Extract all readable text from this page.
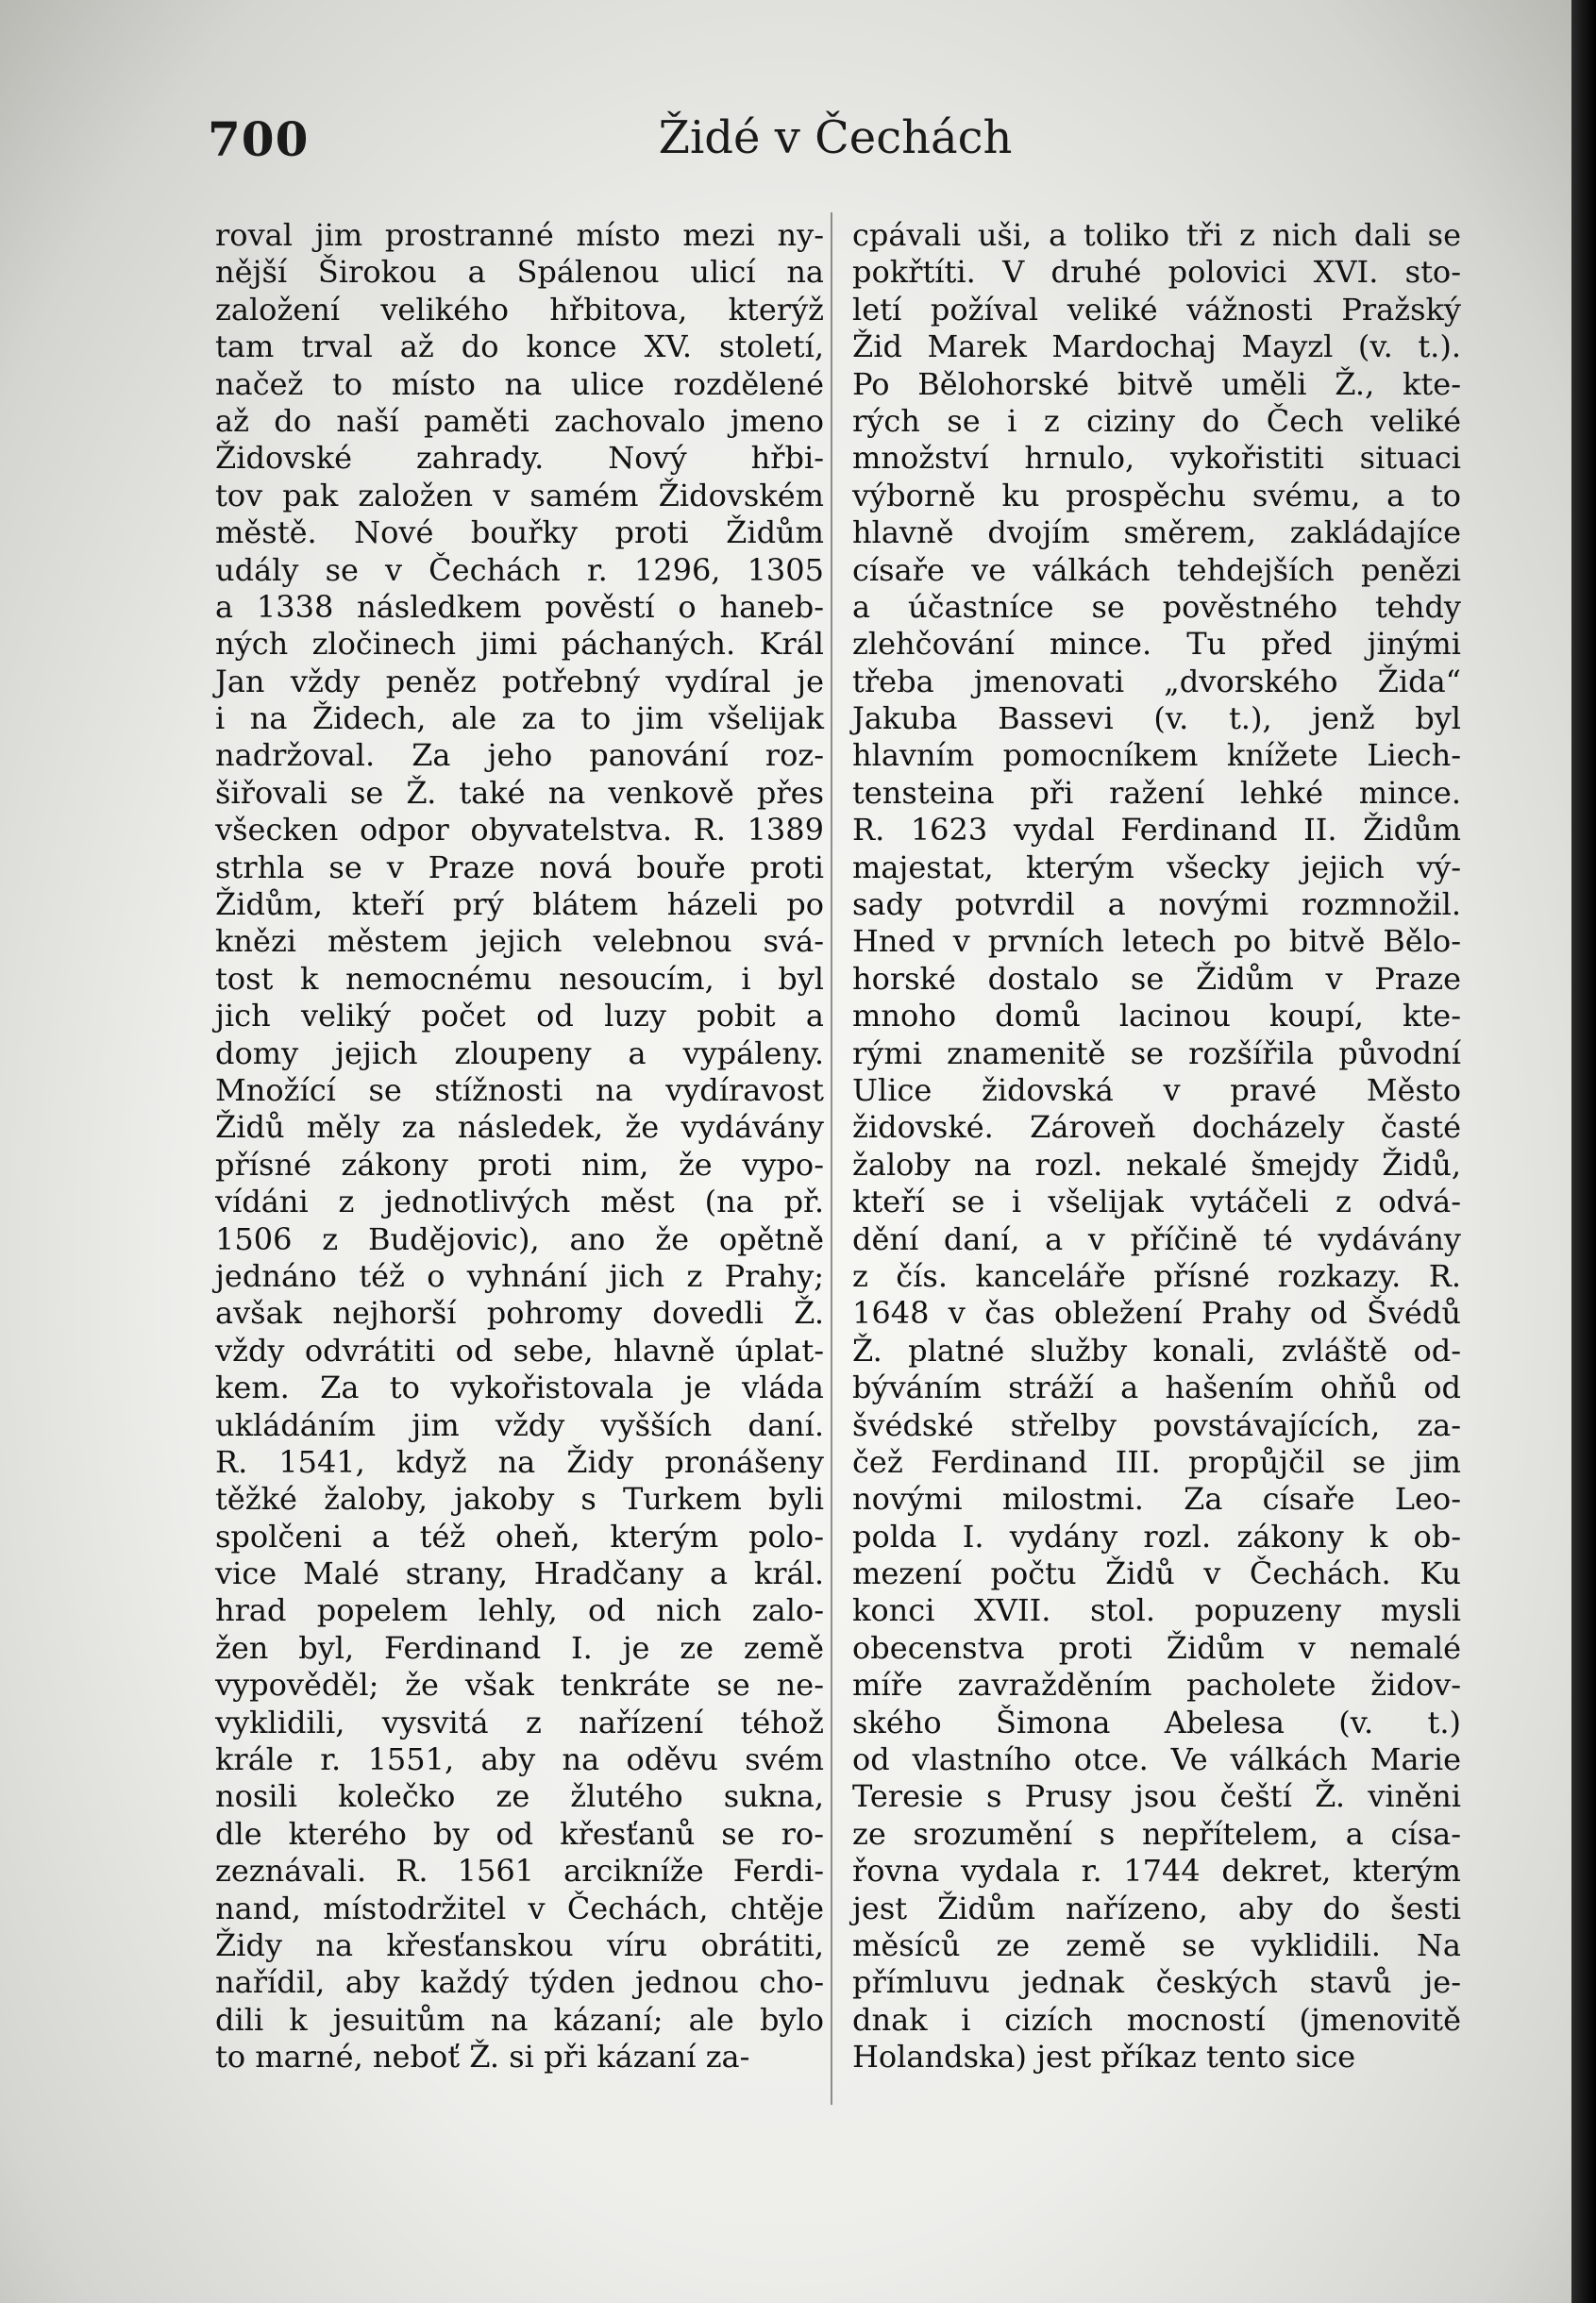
700	Židé v Čechách
roval jim prostranné místo mezi ny-
nější Širokou a Spálenou ulicí na
založení velikého hřbitova, kterýž
tam trval až do konce XV. století,
načež to místo na ulice rozdělené
až do naší paměti zachovalo jmeno
Židovské zahrady. Nový hřbi-
tov pak založen v samém Židovském
městě. Nové bouřky proti Židům
udály se v Čechách r. 1296, 1305
a 1338 následkem pověstí o haneb-
ných zločinech jimi páchaných. Král
Jan vždy peněz potřebný vydíral je
i na Židech, ale za to jim všelijak
nadržoval. Za jeho panování roz-
šiřovali se Ž. také na venkově přes
všecken odpor obyvatelstva. R. 1389
strhla se v Praze nová bouře proti
Židům, kteří prý blátem házeli po
knězi městem jejich velebnou svá-
tost k nemocnému nesoucím, i byl
jich veliký počet od luzy pobit a
domy jejich zloupeny a vypáleny.
Množící se stížnosti na vydíravost
Židů měly za následek, že vydávány
přísné zákony proti nim, že vypo-
vídáni z jednotlivých měst (na př.
1506 z Budějovic), ano že opětně
jednáno též o vyhnání jich z Prahy;
avšak nejhorší pohromy dovedli Ž.
vždy odvrátiti od sebe, hlavně úplat-
kem. Za to vykořistovala je vláda
ukládáním jim vždy vyšších daní.
R. 1541, když na Židy pronášeny
těžké žaloby, jakoby s Turkem byli
spolčeni a též oheň, kterým polo-
vice Malé strany, Hradčany a král.
hrad popelem lehly, od nich zalo-
žen byl, Ferdinand I. je ze země
vypověděl; že však tenkráte se ne-
vyklidili, vysvitá z nařízení téhož
krále r. 1551, aby na oděvu svém
nosili kolečko ze žlutého sukna,
dle kterého by od křesťanů se ro-
zeznávali. R. 1561 arcikníže Ferdi-
nand, místodržitel v Čechách, chtěje
Židy na křesťanskou víru obrátiti,
nařídil, aby každý týden jednou cho-
dili k jesuitům na kázaní; ale bylo
to marné, neboť Ž. si při kázaní za-
cpávali uši, a toliko tři z nich dali se
pokřtíti. V druhé polovici XVI. sto-
letí požíval veliké vážnosti Pražský
Žid Marek Mardochaj Mayzl (v. t.).
Po Bělohorské bitvě uměli Ž., kte-
rých se i z ciziny do Čech veliké
množství hrnulo, vykořistiti situaci
výborně ku prospěchu svému, a to
hlavně dvojím směrem, zakládajíce
císaře ve válkách tehdejších penězi
a účastníce se pověstného tehdy
zlehčování mince. Tu před jinými
třeba jmenovati „dvorského Žida“
Jakuba Bassevi (v. t.), jenž byl
hlavním pomocníkem knížete Liech-
tensteina při ražení lehké mince.
R. 1623 vydal Ferdinand II. Židům
majestat, kterým všecky jejich vý-
sady potvrdil a novými rozmnožil.
Hned v prvních letech po bitvě Bělo-
horské dostalo se Židům v Praze
mnoho domů lacinou koupí, kte-
rými znamenitě se rozšířila původní
Ulice židovská v pravé Město
židovské. Zároveň docházely časté
žaloby na rozl. nekalé šmejdy Židů,
kteří se i všelijak vytáčeli z odvá-
dění daní, a v příčině té vydávány
z čís. kanceláře přísné rozkazy. R.
1648 v čas obležení Prahy od Švédů
Ž. platné služby konali, zvláště od-
býváním stráží a hašením ohňů od
švédské střelby povstávajících, za-
čež Ferdinand III. propůjčil se jim
novými milostmi. Za císaře Leo-
polda I. vydány rozl. zákony k ob-
mezení počtu Židů v Čechách. Ku
konci XVII. stol. popuzeny mysli
obecenstva proti Židům v nemalé
míře zavražděním pacholete židov-
ského Šimona Abelesa (v. t.)
od vlastního otce. Ve válkách Marie
Teresie s Prusy jsou čeští Ž. viněni
ze srozumění s nepřítelem, a císa-
řovna vydala r. 1744 dekret, kterým
jest Židům nařízeno, aby do šesti
měsíců ze země se vyklidili. Na
přímluvu jednak českých stavů je-
dnak i cizích mocností (jmenovitě
Holandska) jest příkaz tento sice
